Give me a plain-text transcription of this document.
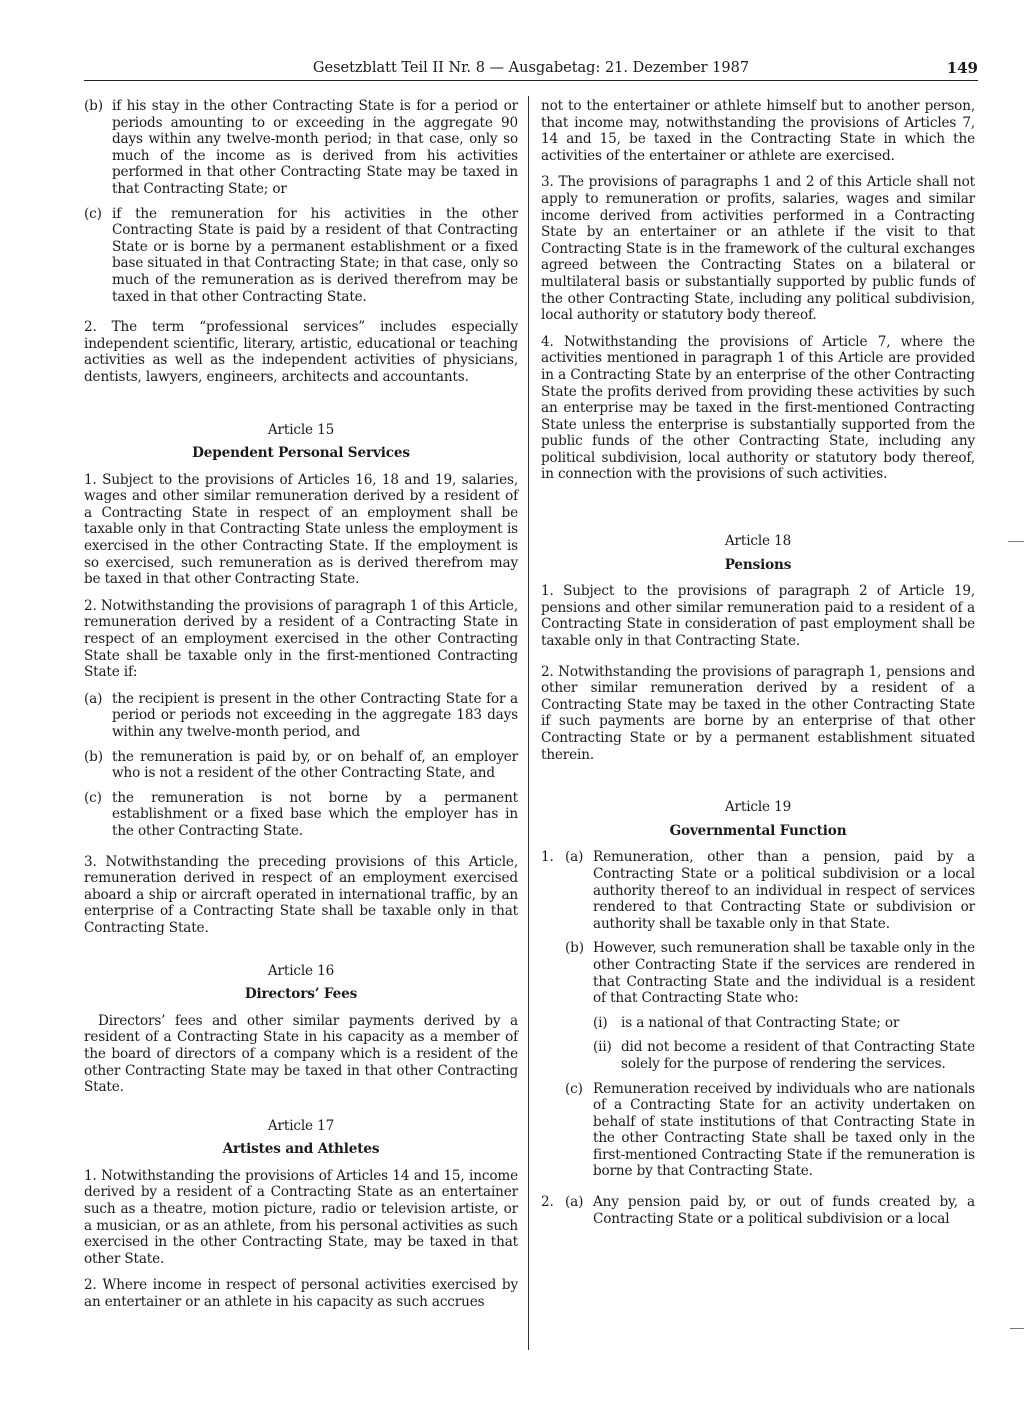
Gesetzblatt Teil II Nr. 8 — Ausgabetag: 21. Dezember 1987	149
(b) if his stay in the other Contracting State is for a period or periods amounting to or exceeding in the aggregate 90 days within any twelve-month period; in that case, only so much of the income as is derived from his activities performed in that other Contracting State may be taxed in that Contracting State; or
(c) if the remuneration for his activities in the other Contracting State is paid by a resident of that Contracting State or is borne by a permanent establishment or a fixed base situated in that Contracting State; in that case, only so much of the remuneration as is derived therefrom may be taxed in that other Contracting State.

2. The term “professional services” includes especially independent scientific, literary, artistic, educational or teaching activities as well as the independent activities of physicians, dentists, lawyers, engineers, architects and accountants.

Article 15
Dependent Personal Services

1. Subject to the provisions of Articles 16, 18 and 19, salaries, wages and other similar remuneration derived by a resident of a Contracting State in respect of an employment shall be taxable only in that Contracting State unless the employment is exercised in the other Contracting State. If the employment is so exercised, such remuneration as is derived therefrom may be taxed in that other Contracting State.

2. Notwithstanding the provisions of paragraph 1 of this Article, remuneration derived by a resident of a Contracting State in respect of an employment exercised in the other Contracting State shall be taxable only in the first-mentioned Contracting State if:

(a) the recipient is present in the other Contracting State for a period or periods not exceeding in the aggregate 183 days within any twelve-month period, and
(b) the remuneration is paid by, or on behalf of, an employer who is not a resident of the other Contracting State, and
(c) the remuneration is not borne by a permanent establishment or a fixed base which the employer has in the other Contracting State.

3. Notwithstanding the preceding provisions of this Article, remuneration derived in respect of an employment exercised aboard a ship or aircraft operated in international traffic, by an enterprise of a Contracting State shall be taxable only in that Contracting State.

Article 16
Directors’ Fees

Directors’ fees and other similar payments derived by a resident of a Contracting State in his capacity as a member of the board of directors of a company which is a resident of the other Contracting State may be taxed in that other Contracting State.

Article 17
Artistes and Athletes

1. Notwithstanding the provisions of Articles 14 and 15, income derived by a resident of a Contracting State as an entertainer such as a theatre, motion picture, radio or television artiste, or a musician, or as an athlete, from his personal activities as such exercised in the other Contracting State, may be taxed in that other State.

2. Where income in respect of personal activities exercised by an entertainer or an athlete in his capacity as such accrues

not to the entertainer or athlete himself but to another person, that income may, notwithstanding the provisions of Articles 7, 14 and 15, be taxed in the Contracting State in which the activities of the entertainer or athlete are exercised.

3. The provisions of paragraphs 1 and 2 of this Article shall not apply to remuneration or profits, salaries, wages and similar income derived from activities performed in a Contracting State by an entertainer or an athlete if the visit to that Contracting State is in the framework of the cultural exchanges agreed between the Contracting States on a bilateral or multilateral basis or substantially supported by public funds of the other Contracting State, including any political subdivision, local authority or statutory body thereof.

4. Notwithstanding the provisions of Article 7, where the activities mentioned in paragraph 1 of this Article are provided in a Contracting State by an enterprise of the other Contracting State the profits derived from providing these activities by such an enterprise may be taxed in the first-mentioned Contracting State unless the enterprise is substantially supported from the public funds of the other Contracting State, including any political subdivision, local authority or statutory body thereof, in connection with the provisions of such activities.

Article 18
Pensions

1. Subject to the provisions of paragraph 2 of Article 19, pensions and other similar remuneration paid to a resident of a Contracting State in consideration of past employment shall be taxable only in that Contracting State.

2. Notwithstanding the provisions of paragraph 1, pensions and other similar remuneration derived by a resident of a Contracting State may be taxed in the other Contracting State if such payments are borne by an enterprise of that other Contracting State or by a permanent establishment situated therein.

Article 19
Governmental Function
1. (a) Remuneration, other than a pension, paid by a Contracting State or a political subdivision or a local authority thereof to an individual in respect of services rendered to that Contracting State or subdivision or authority shall be taxable only in that State.
(b) However, such remuneration shall be taxable only in the other Contracting State if the services are rendered in that Contracting State and the individual is a resident of that Contracting State who:
(i) is a national of that Contracting State; or
(ii) did not become a resident of that Contracting State solely for the purpose of rendering the services.
(c) Remuneration received by individuals who are nationals of a Contracting State for an activity undertaken on behalf of state institutions of that Contracting State in the other Contracting State shall be taxed only in the first-mentioned Contracting State if the remuneration is borne by that Contracting State.
2. (a) Any pension paid by, or out of funds created by, a Contracting State or a political subdivision or a local
